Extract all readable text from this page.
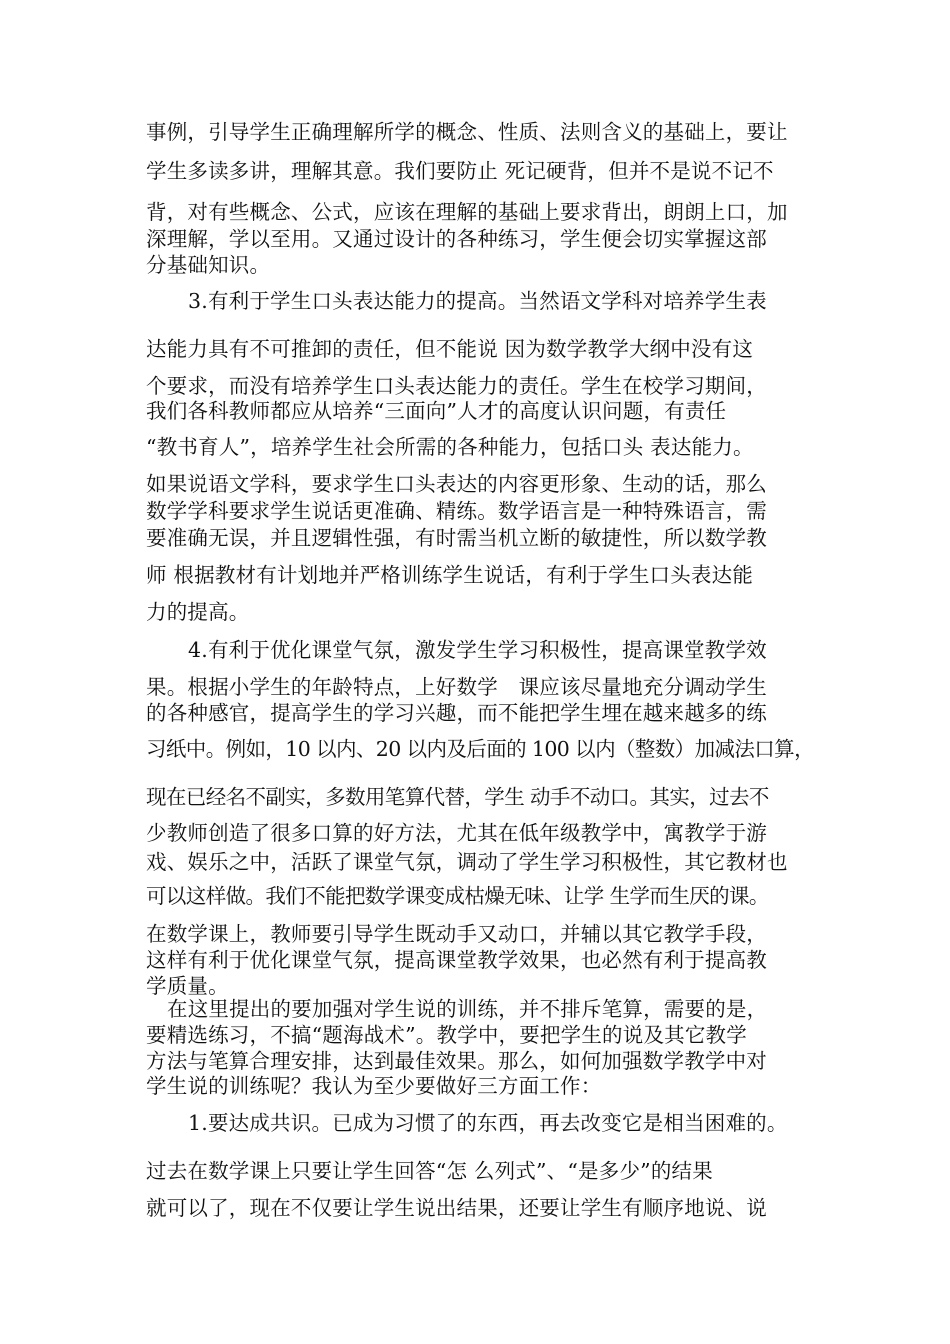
事例，引导学生正确理解所学的概念、性质、法则含义的基础上，要让
学生多读多讲，理解其意。我们要防止 死记硬背，但并不是说不记不
背，对有些概念、公式，应该在理解的基础上要求背出，朗朗上口，加
深理解，学以至用。又通过设计的各种练习，学生便会切实掌握这部
分基础知识。
3.有利于学生口头表达能力的提高。当然语文学科对培养学生表
达能力具有不可推卸的责任，但不能说 因为数学教学大纲中没有这
个要求，而没有培养学生口头表达能力的责任。学生在校学习期间，
我们各科教师都应从培养“三面向”人才的高度认识问题，有责任
“教书育人”，培养学生社会所需的各种能力，包括口头 表达能力。
如果说语文学科，要求学生口头表达的内容更形象、生动的话，那么
数学学科要求学生说话更准确、精练。数学语言是一种特殊语言，需
要准确无误，并且逻辑性强，有时需当机立断的敏捷性，所以数学教
师 根据教材有计划地并严格训练学生说话，有利于学生口头表达能
力的提高。
4.有利于优化课堂气氛，激发学生学习积极性，提高课堂教学效
果。根据小学生的年龄特点，上好数学　课应该尽量地充分调动学生
的各种感官，提高学生的学习兴趣，而不能把学生埋在越来越多的练
习纸中。例如，10 以内、20 以内及后面的 100 以内（整数）加减法口算，
现在已经名不副实，多数用笔算代替，学生 动手不动口。其实，过去不
少教师创造了很多口算的好方法，尤其在低年级教学中，寓教学于游
戏、娱乐之中，活跃了课堂气氛，调动了学生学习积极性，其它教材也
可以这样做。我们不能把数学课变成枯燥无味、让学 生学而生厌的课。
在数学课上，教师要引导学生既动手又动口，并辅以其它教学手段，
这样有利于优化课堂气氛，提高课堂教学效果，也必然有利于提高教
学质量。
在这里提出的要加强对学生说的训练，并不排斥笔算，需要的是，
要精选练习，不搞“题海战术”。教学中，要把学生的说及其它教学
方法与笔算合理安排，达到最佳效果。那么，如何加强数学教学中对
学生说的训练呢？我认为至少要做好三方面工作：
1.要达成共识。已成为习惯了的东西，再去改变它是相当困难的。
过去在数学课上只要让学生回答“怎 么列式”、“是多少”的结果
就可以了，现在不仅要让学生说出结果，还要让学生有顺序地说、说
